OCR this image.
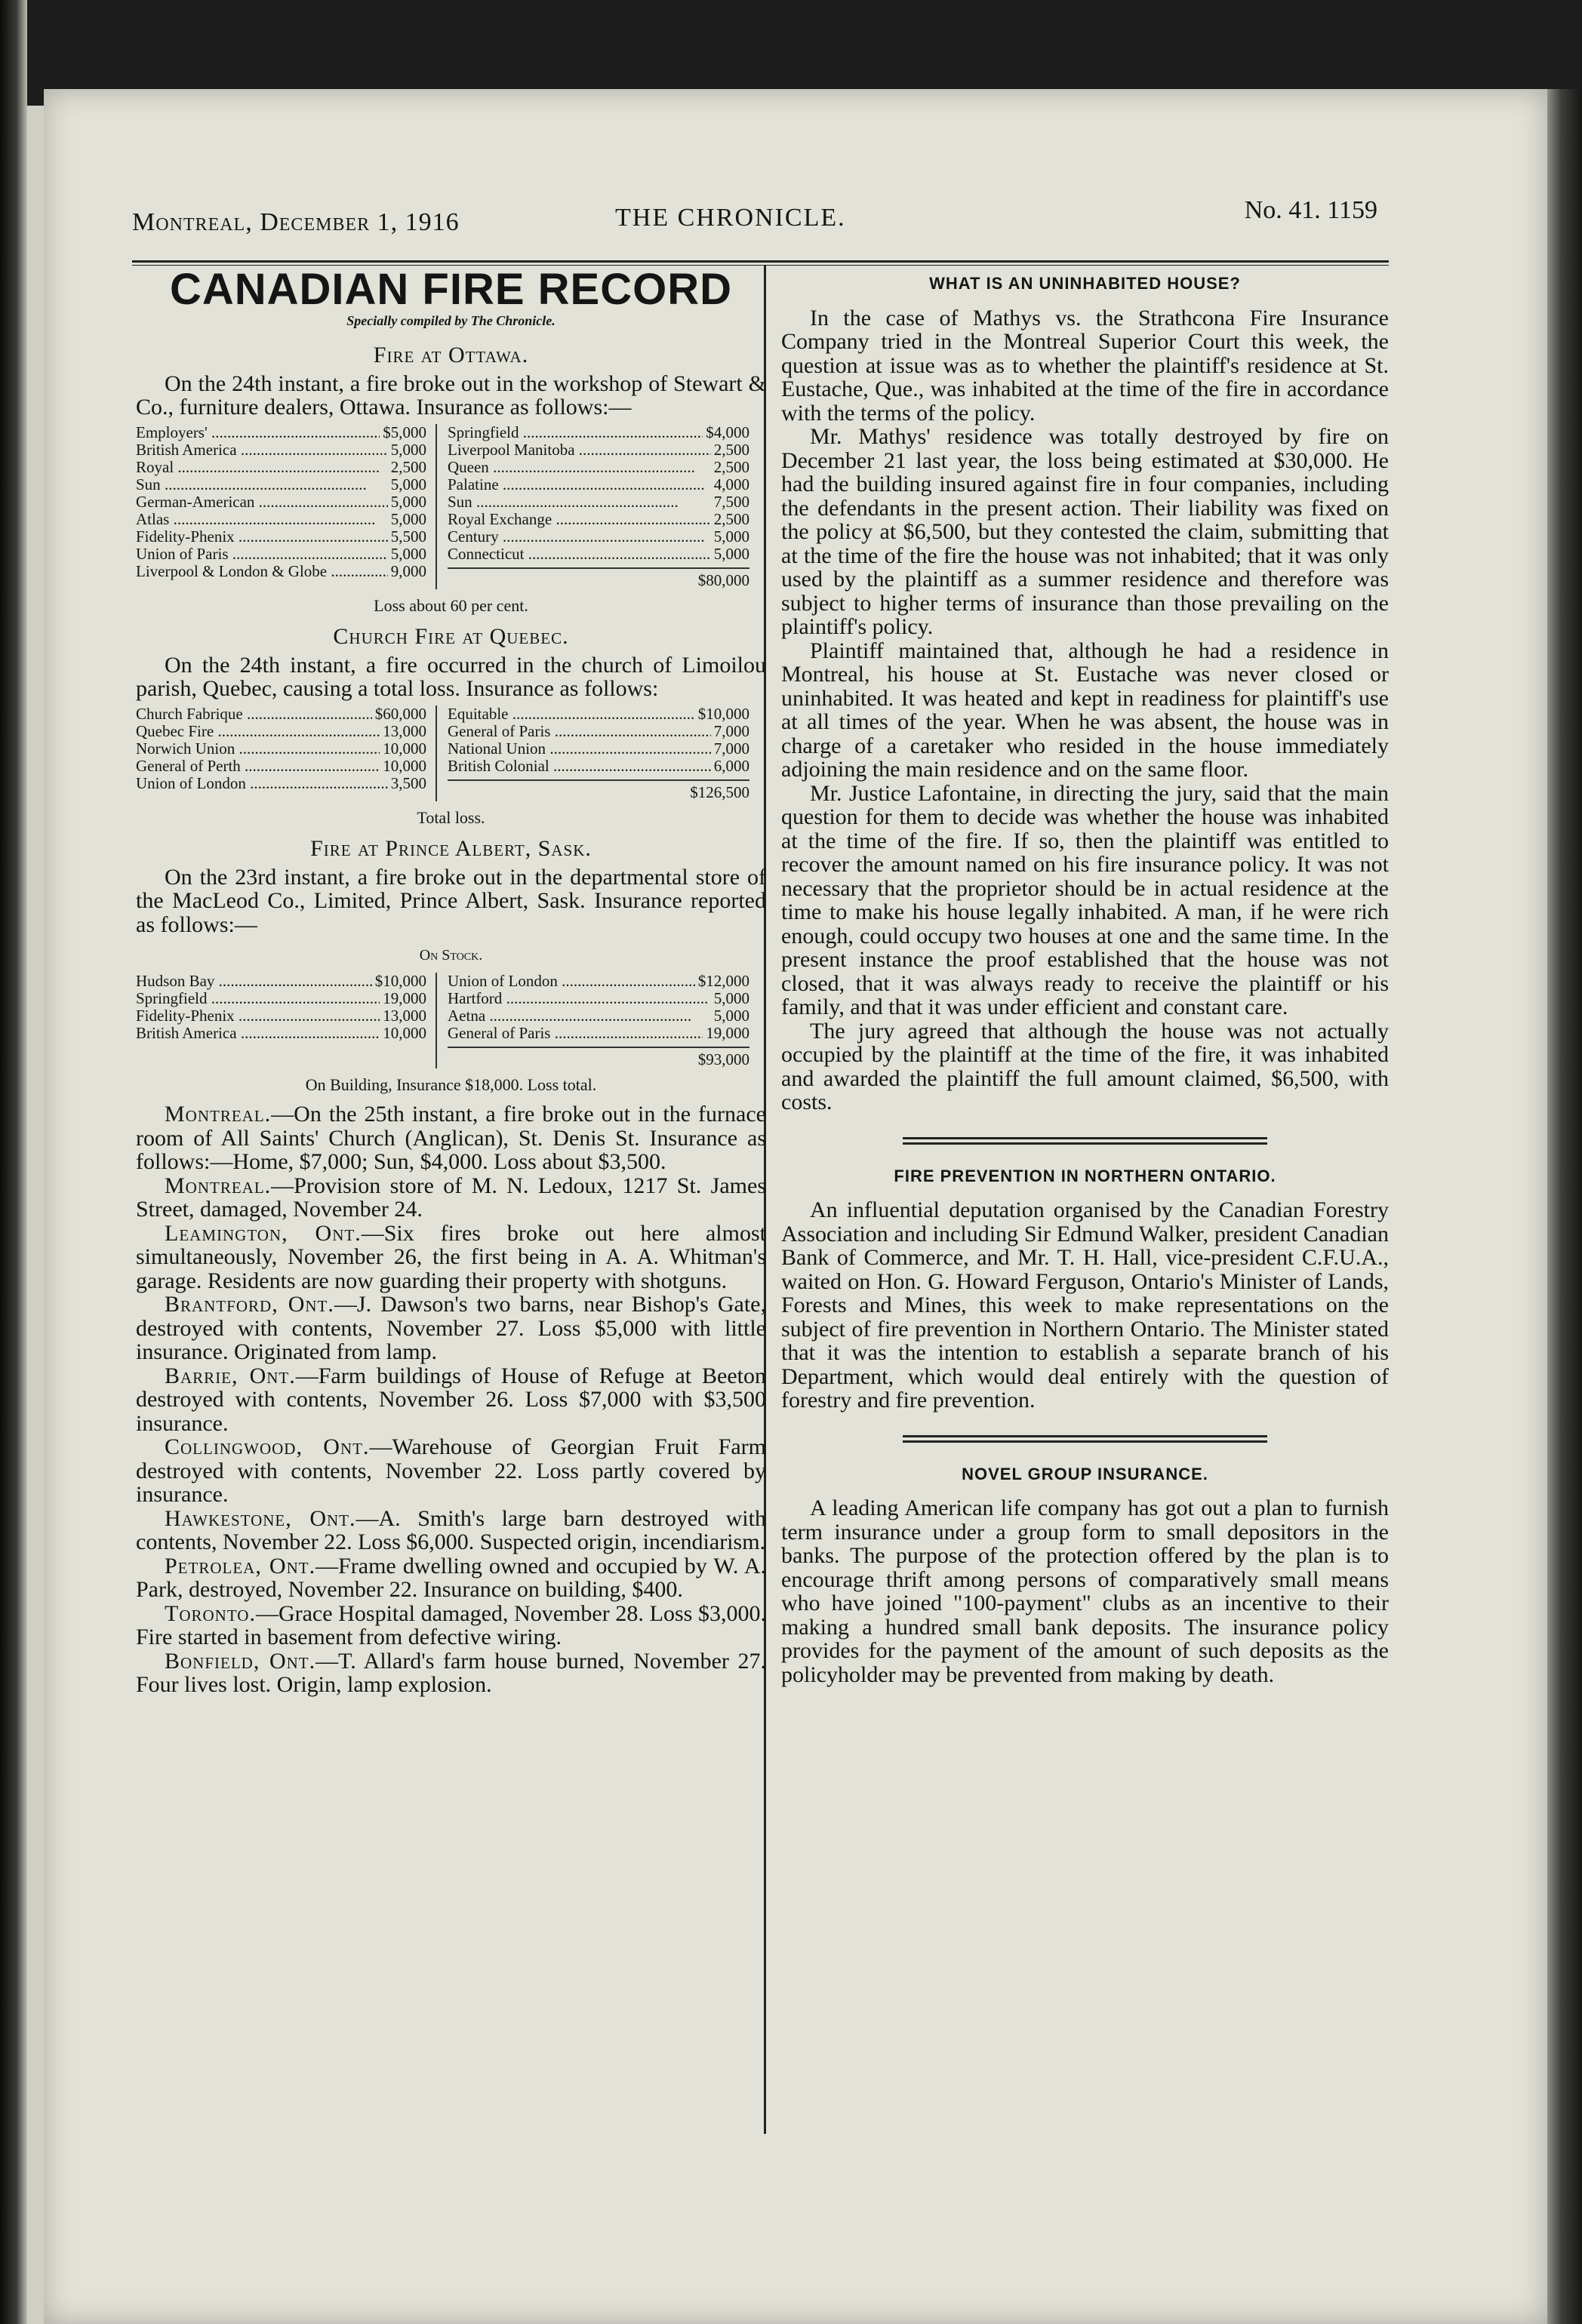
Montreal, December 1, 1916	THE CHRONICLE.	No. 41. 1159
CANADIAN FIRE RECORD
Specially compiled by The Chronicle.
Fire at Ottawa.

On the 24th instant, a fire broke out in the workshop of Stewart & Co., furniture dealers, Ottawa. Insurance as follows:—

Employers' .....	$5,000
British America .....	5,000
Royal .....	2,500
Sun .....	5,000
German-American .....	5,000
Atlas .....	5,000
Fidelity-Phenix .....	5,500
Union of Paris .....	5,000
Liverpool & London & Globe .....	9,000
Springfield .....	$4,000
Liverpool Manitoba .....	2,500
Queen .....	2,500
Palatine .....	4,000
Sun .....	7,500
Royal Exchange .....	2,500
Century .....	5,000
Connecticut .....	5,000
$80,000
Loss about 60 per cent.
Church Fire at Quebec.

On the 24th instant, a fire occurred in the church of Limoilou parish, Quebec, causing a total loss. Insurance as follows:

Church Fabrique .....	$60,000
Quebec Fire .....	13,000
Norwich Union .....	10,000
General of Perth .....	10,000
Union of London .....	3,500
Equitable .....	$10,000
General of Paris .....	7,000
National Union .....	7,000
British Colonial .....	6,000
$126,500
Total loss.
Fire at Prince Albert, Sask.

On the 23rd instant, a fire broke out in the departmental store of the MacLeod Co., Limited, Prince Albert, Sask. Insurance reported as follows:—

On Stock.
Hudson Bay .....	$10,000
Springfield .....	19,000
Fidelity-Phenix .....	13,000
British America .....	10,000
Union of London .....	$12,000
Hartford .....	5,000
Aetna .....	5,000
General of Paris .....	19,000
$93,000
On Building, Insurance $18,000. Loss total.

Montreal.—On the 25th instant, a fire broke out in the furnace room of All Saints' Church (Anglican), St. Denis St. Insurance as follows:—Home, $7,000; Sun, $4,000. Loss about $3,500.

Montreal.—Provision store of M. N. Ledoux, 1217 St. James Street, damaged, November 24.

Leamington, Ont.—Six fires broke out here almost simultaneously, November 26, the first being in A. A. Whitman's garage. Residents are now guarding their property with shotguns.

Brantford, Ont.—J. Dawson's two barns, near Bishop's Gate, destroyed with contents, November 27. Loss $5,000 with little insurance. Originated from lamp.

Barrie, Ont.—Farm buildings of House of Refuge at Beeton destroyed with contents, November 26. Loss $7,000 with $3,500 insurance.

Collingwood, Ont.—Warehouse of Georgian Fruit Farm destroyed with contents, November 22. Loss partly covered by insurance.

Hawkestone, Ont.—A. Smith's large barn destroyed with contents, November 22. Loss $6,000. Suspected origin, incendiarism.

Petrolea, Ont.—Frame dwelling owned and occupied by W. A. Park, destroyed, November 22. Insurance on building, $400.

Toronto.—Grace Hospital damaged, November 28. Loss $3,000. Fire started in basement from defective wiring.

Bonfield, Ont.—T. Allard's farm house burned, November 27. Four lives lost. Origin, lamp explosion.

WHAT IS AN UNINHABITED HOUSE?

In the case of Mathys vs. the Strathcona Fire Insurance Company tried in the Montreal Superior Court this week, the question at issue was as to whether the plaintiff's residence at St. Eustache, Que., was inhabited at the time of the fire in accordance with the terms of the policy.

Mr. Mathys' residence was totally destroyed by fire on December 21 last year, the loss being estimated at $30,000. He had the building insured against fire in four companies, including the defendants in the present action. Their liability was fixed on the policy at $6,500, but they contested the claim, submitting that at the time of the fire the house was not inhabited; that it was only used by the plaintiff as a summer residence and therefore was subject to higher terms of insurance than those prevailing on the plaintiff's policy.

Plaintiff maintained that, although he had a residence in Montreal, his house at St. Eustache was never closed or uninhabited. It was heated and kept in readiness for plaintiff's use at all times of the year. When he was absent, the house was in charge of a caretaker who resided in the house immediately adjoining the main residence and on the same floor.

Mr. Justice Lafontaine, in directing the jury, said that the main question for them to decide was whether the house was inhabited at the time of the fire. If so, then the plaintiff was entitled to recover the amount named on his fire insurance policy. It was not necessary that the proprietor should be in actual residence at the time to make his house legally inhabited. A man, if he were rich enough, could occupy two houses at one and the same time. In the present instance the proof established that the house was not closed, that it was always ready to receive the plaintiff or his family, and that it was under efficient and constant care.

The jury agreed that although the house was not actually occupied by the plaintiff at the time of the fire, it was inhabited and awarded the plaintiff the full amount claimed, $6,500, with costs.

FIRE PREVENTION IN NORTHERN ONTARIO.

An influential deputation organised by the Canadian Forestry Association and including Sir Edmund Walker, president Canadian Bank of Commerce, and Mr. T. H. Hall, vice-president C.F.U.A., waited on Hon. G. Howard Ferguson, Ontario's Minister of Lands, Forests and Mines, this week to make representations on the subject of fire prevention in Northern Ontario. The Minister stated that it was the intention to establish a separate branch of his Department, which would deal entirely with the question of forestry and fire prevention.

NOVEL GROUP INSURANCE.

A leading American life company has got out a plan to furnish term insurance under a group form to small depositors in the banks. The purpose of the protection offered by the plan is to encourage thrift among persons of comparatively small means who have joined "100-payment" clubs as an incentive to their making a hundred small bank deposits. The insurance policy provides for the payment of the amount of such deposits as the policyholder may be prevented from making by death.
